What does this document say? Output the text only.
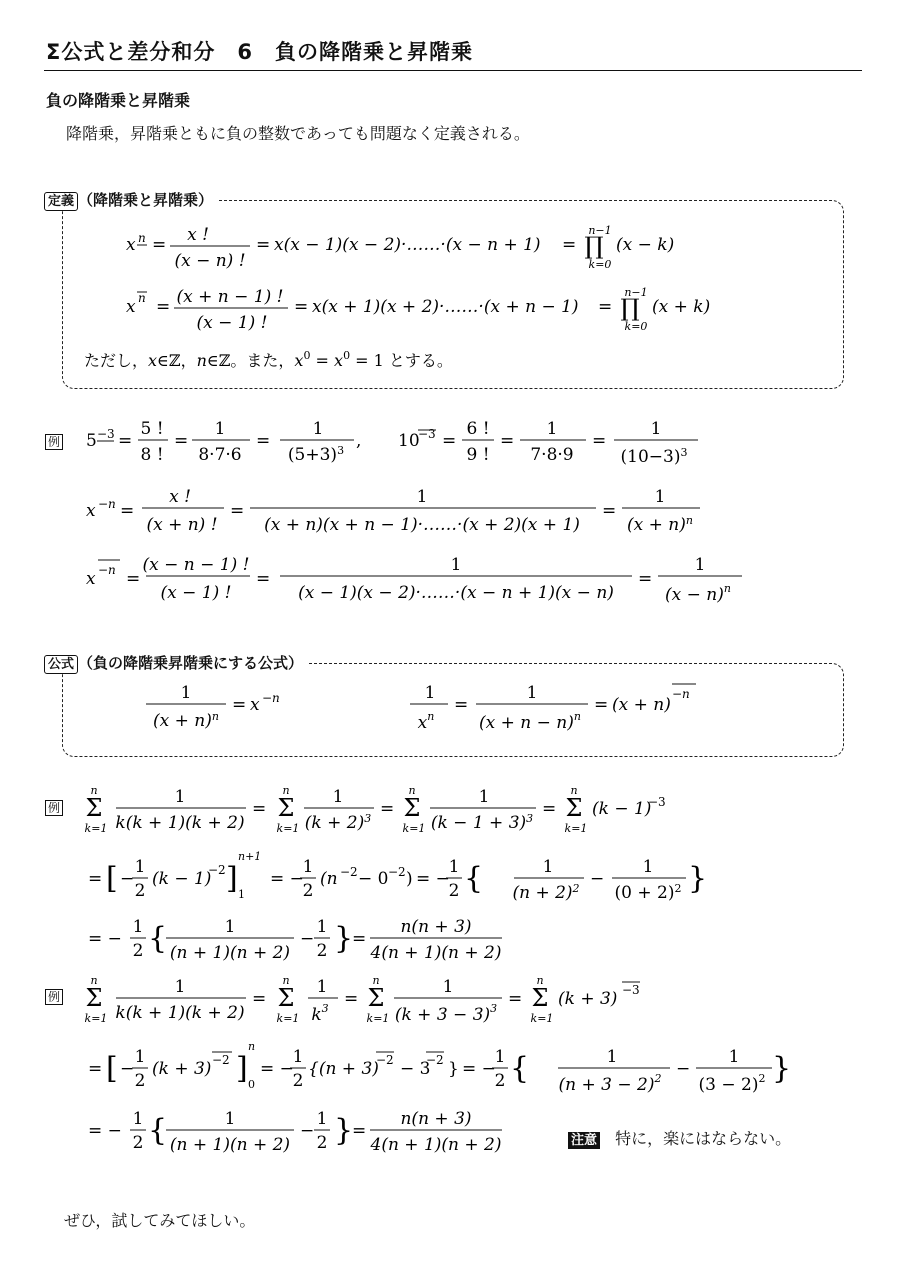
Σ公式と差分和分　6　負の降階乗と昇階乗
負の降階乗と昇階乗
降階乗，昇階乗ともに負の整数であっても問題なく定義される。
定義 （降階乗と昇階乗）
x n = x !
(x − n) !
= x(x − 1)(x − 2)·……·(x − n + 1) = ∏
n−1
k=0
(x − k)
x n = (x + n − 1) !
(x − 1) !
= x(x + 1)(x + 2)·……·(x + n − 1) = ∏
n−1
k=0
(x + k)
ただし，x∈ℤ，n∈ℤ。また，$x^0 = x^0 = 1$ とする。
例 5 −3 =
5 !
8 !
=
1
8·7·6
=
1
$(5+3)^3$ , 10
−3 =
6 !
9 !
=
1
7·8·9
=
1
$(10-3)^3$
x −n =
x !
(x + n) !
=
1
(x + n)(x + n − 1)·……·(x + 2)(x + 1)
=
1
$(x + n)^n$
x −n =
(x − n − 1) !
(x − 1) !
=
1
(x − 1)(x − 2)·……·(x − n + 1)(x − n)
=
1
$(x - n)^n$
公式 （負の降階乗昇階乗にする公式）
1
$(x + n)^n$
= x −n	1
$x^n$
=
1
$(x + n - n)^n$
= (x + n)
−n
例 Σ
n
k=1
1
k(k + 1)(k + 2)
= Σ
n
k=1
1
$(k + 2)^3 = \Sigma$
n
k=1
1
$(k - 1 + 3)^3 = \Sigma$
n
k=1
(k − 1)
−3
= [ −
1
2
(k − 1)
−2 ]
n+1
1
= −
1
2
(n −2 − 0 −2 ) = −
1
2 {	1
$(n + 2)^2$ −
1
$(0 + 2)^2$ }
= −
1
2 {	1
(n + 1)(n + 2)
−
1
2 }
=
n(n + 3)
4(n + 1)(n + 2)
例 Σ
n
k=1
1
k(k + 1)(k + 2)
= Σ
n
k=1
1
$k^3 = \Sigma$
n
k=1
1
$(k + 3 - 3)^3 = \Sigma$
n
k=1
(k + 3) −3
= [ −
1
2
(k + 3) −2 ]
n
0
= −
1
2
{(n + 3)
−2 − 3
−2 } = −
1
2 {	1
$(n + 3 - 2)^2$ −
1
$(3 - 2)^2$ }
= −
1
2 {	1
(n + 1)(n + 2)
−
1
2 }
=
n(n + 3)
4(n + 1)(n + 2)	注意 特に，楽にはならない。
ぜひ，試してみてほしい。
